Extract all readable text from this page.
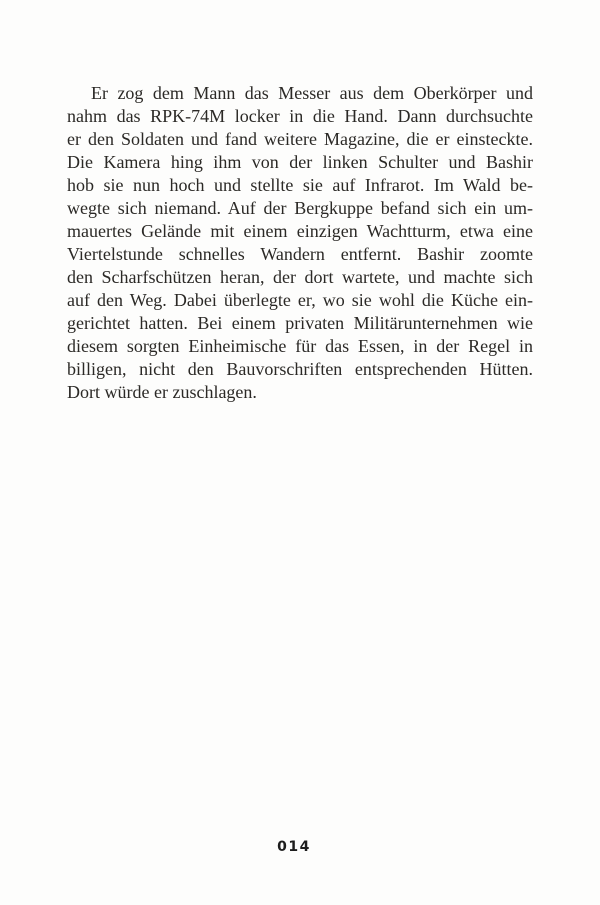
Er zog dem Mann das Messer aus dem Oberkörper und
nahm das RPK-74M locker in die Hand. Dann durchsuchte
er den Soldaten und fand weitere Magazine, die er einsteckte.
Die Kamera hing ihm von der linken Schulter und Bashir
hob sie nun hoch und stellte sie auf Infrarot. Im Wald be-
wegte sich niemand. Auf der Bergkuppe befand sich ein um-
mauertes Gelände mit einem einzigen Wachtturm, etwa eine
Viertelstunde schnelles Wandern entfernt. Bashir zoomte
den Scharfschützen heran, der dort wartete, und machte sich
auf den Weg. Dabei überlegte er, wo sie wohl die Küche ein-
gerichtet hatten. Bei einem privaten Militärunternehmen wie
diesem sorgten Einheimische für das Essen, in der Regel in
billigen, nicht den Bauvorschriften entsprechenden Hütten.
Dort würde er zuschlagen.
014
